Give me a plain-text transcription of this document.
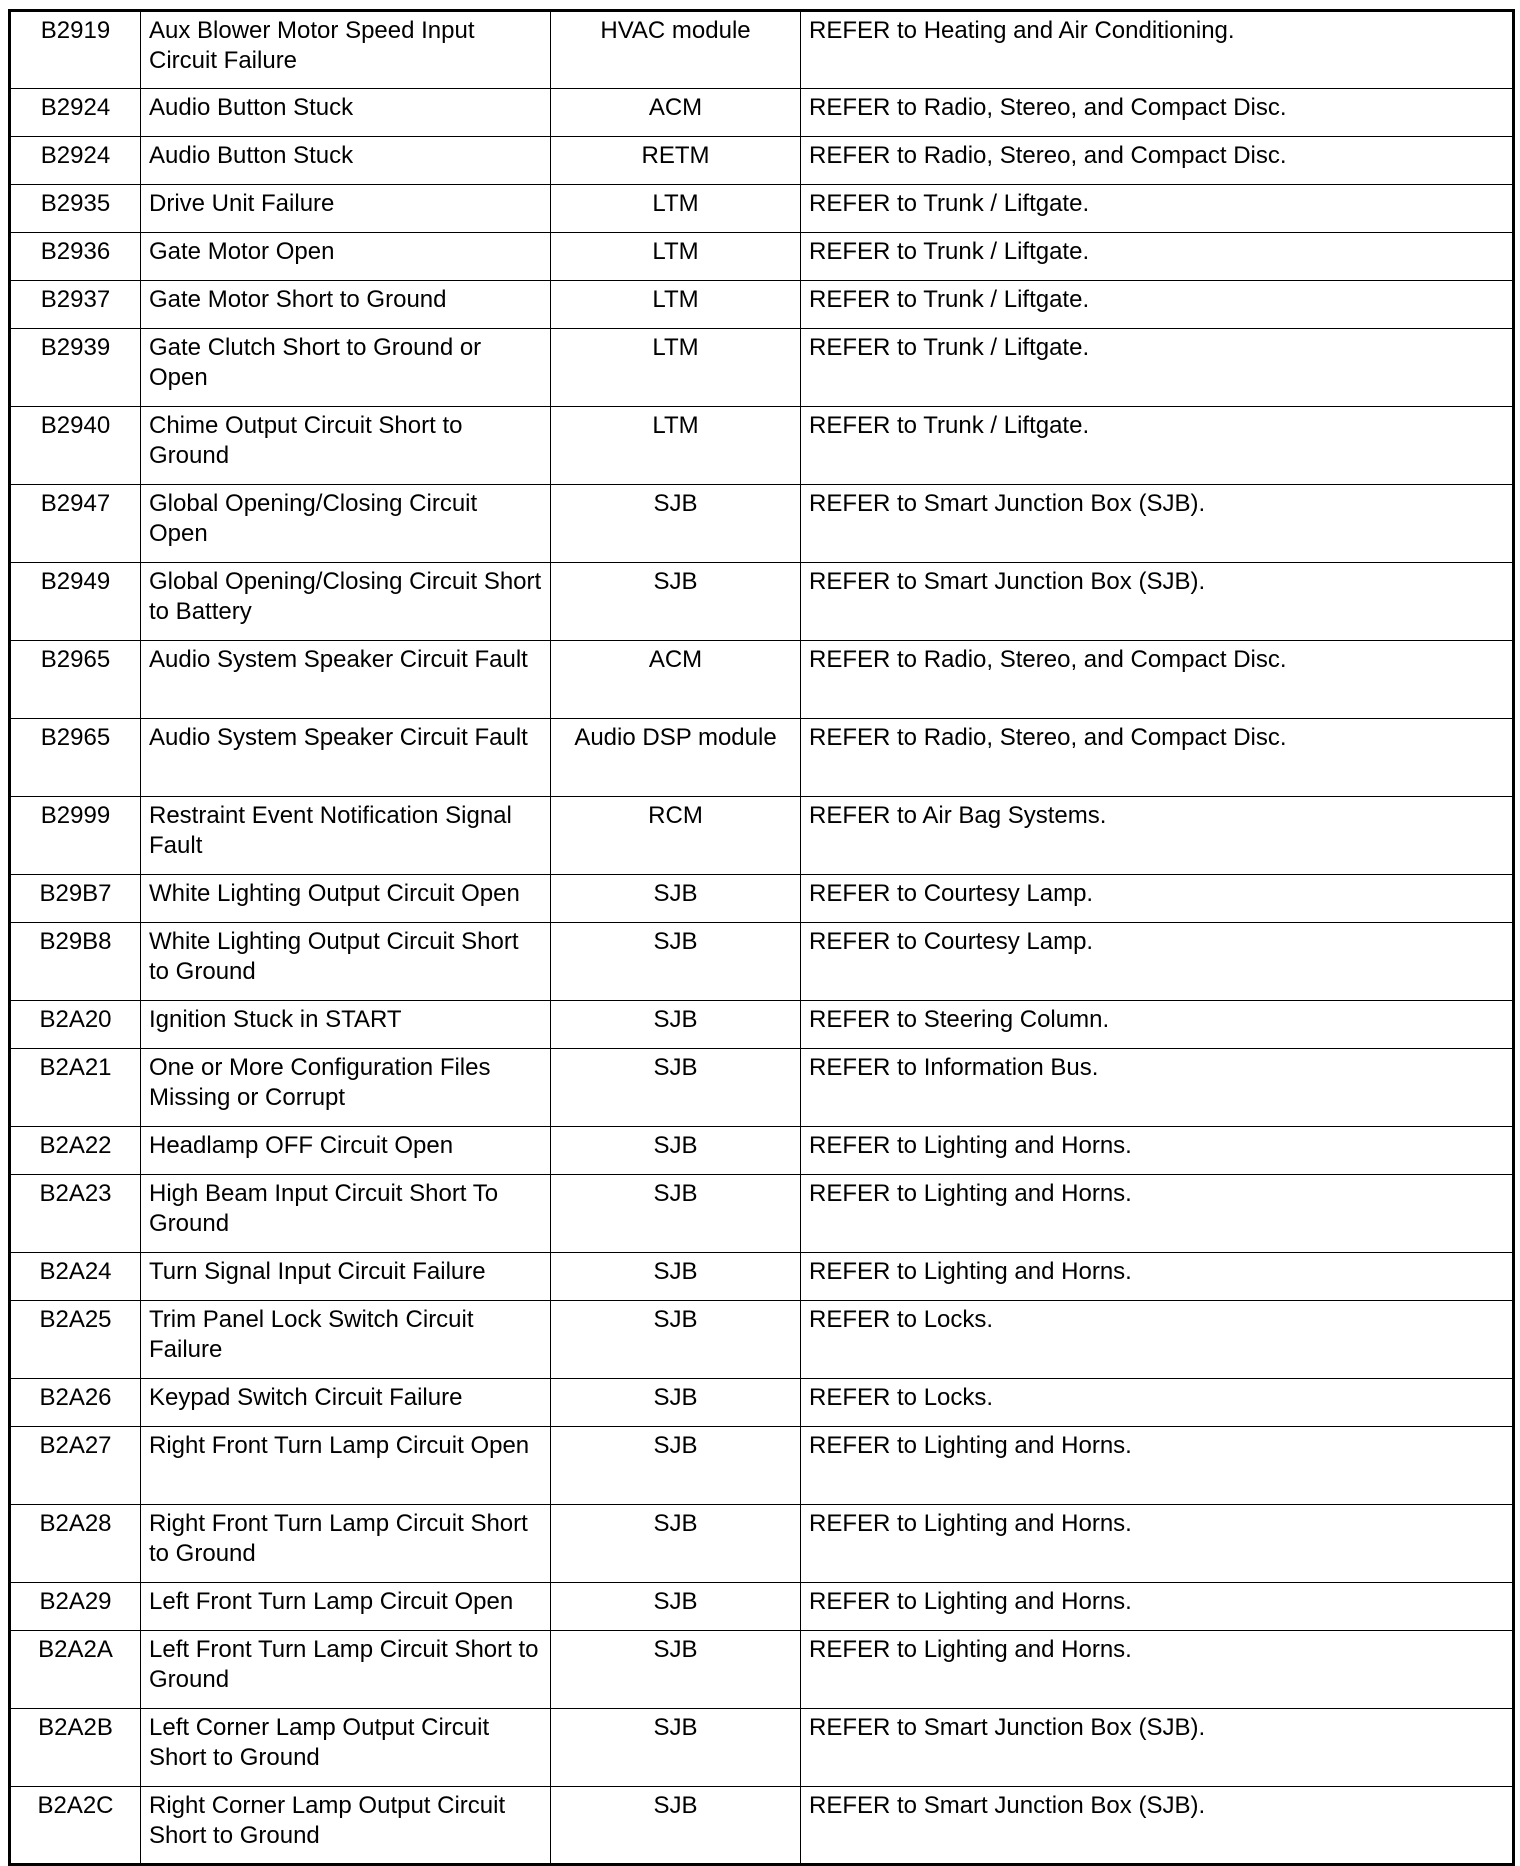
B2919	Aux Blower Motor Speed Input Circuit Failure	HVAC module	REFER to Heating and Air Conditioning.
B2924	Audio Button Stuck	ACM	REFER to Radio, Stereo, and Compact Disc.
B2924	Audio Button Stuck	RETM	REFER to Radio, Stereo, and Compact Disc.
B2935	Drive Unit Failure	LTM	REFER to Trunk / Liftgate.
B2936	Gate Motor Open	LTM	REFER to Trunk / Liftgate.
B2937	Gate Motor Short to Ground	LTM	REFER to Trunk / Liftgate.
B2939	Gate Clutch Short to Ground or Open	LTM	REFER to Trunk / Liftgate.
B2940	Chime Output Circuit Short to Ground	LTM	REFER to Trunk / Liftgate.
B2947	Global Opening/Closing Circuit Open	SJB	REFER to Smart Junction Box (SJB).
B2949	Global Opening/Closing Circuit Short to Battery	SJB	REFER to Smart Junction Box (SJB).
B2965	Audio System Speaker Circuit Fault	ACM	REFER to Radio, Stereo, and Compact Disc.
B2965	Audio System Speaker Circuit Fault	Audio DSP module	REFER to Radio, Stereo, and Compact Disc.
B2999	Restraint Event Notification Signal Fault	RCM	REFER to Air Bag Systems.
B29B7	White Lighting Output Circuit Open	SJB	REFER to Courtesy Lamp.
B29B8	White Lighting Output Circuit Short to Ground	SJB	REFER to Courtesy Lamp.
B2A20	Ignition Stuck in START	SJB	REFER to Steering Column.
B2A21	One or More Configuration Files Missing or Corrupt	SJB	REFER to Information Bus.
B2A22	Headlamp OFF Circuit Open	SJB	REFER to Lighting and Horns.
B2A23	High Beam Input Circuit Short To Ground	SJB	REFER to Lighting and Horns.
B2A24	Turn Signal Input Circuit Failure	SJB	REFER to Lighting and Horns.
B2A25	Trim Panel Lock Switch Circuit Failure	SJB	REFER to Locks.
B2A26	Keypad Switch Circuit Failure	SJB	REFER to Locks.
B2A27	Right Front Turn Lamp Circuit Open	SJB	REFER to Lighting and Horns.
B2A28	Right Front Turn Lamp Circuit Short to Ground	SJB	REFER to Lighting and Horns.
B2A29	Left Front Turn Lamp Circuit Open	SJB	REFER to Lighting and Horns.
B2A2A	Left Front Turn Lamp Circuit Short to Ground	SJB	REFER to Lighting and Horns.
B2A2B	Left Corner Lamp Output Circuit Short to Ground	SJB	REFER to Smart Junction Box (SJB).
B2A2C	Right Corner Lamp Output Circuit Short to Ground	SJB	REFER to Smart Junction Box (SJB).
